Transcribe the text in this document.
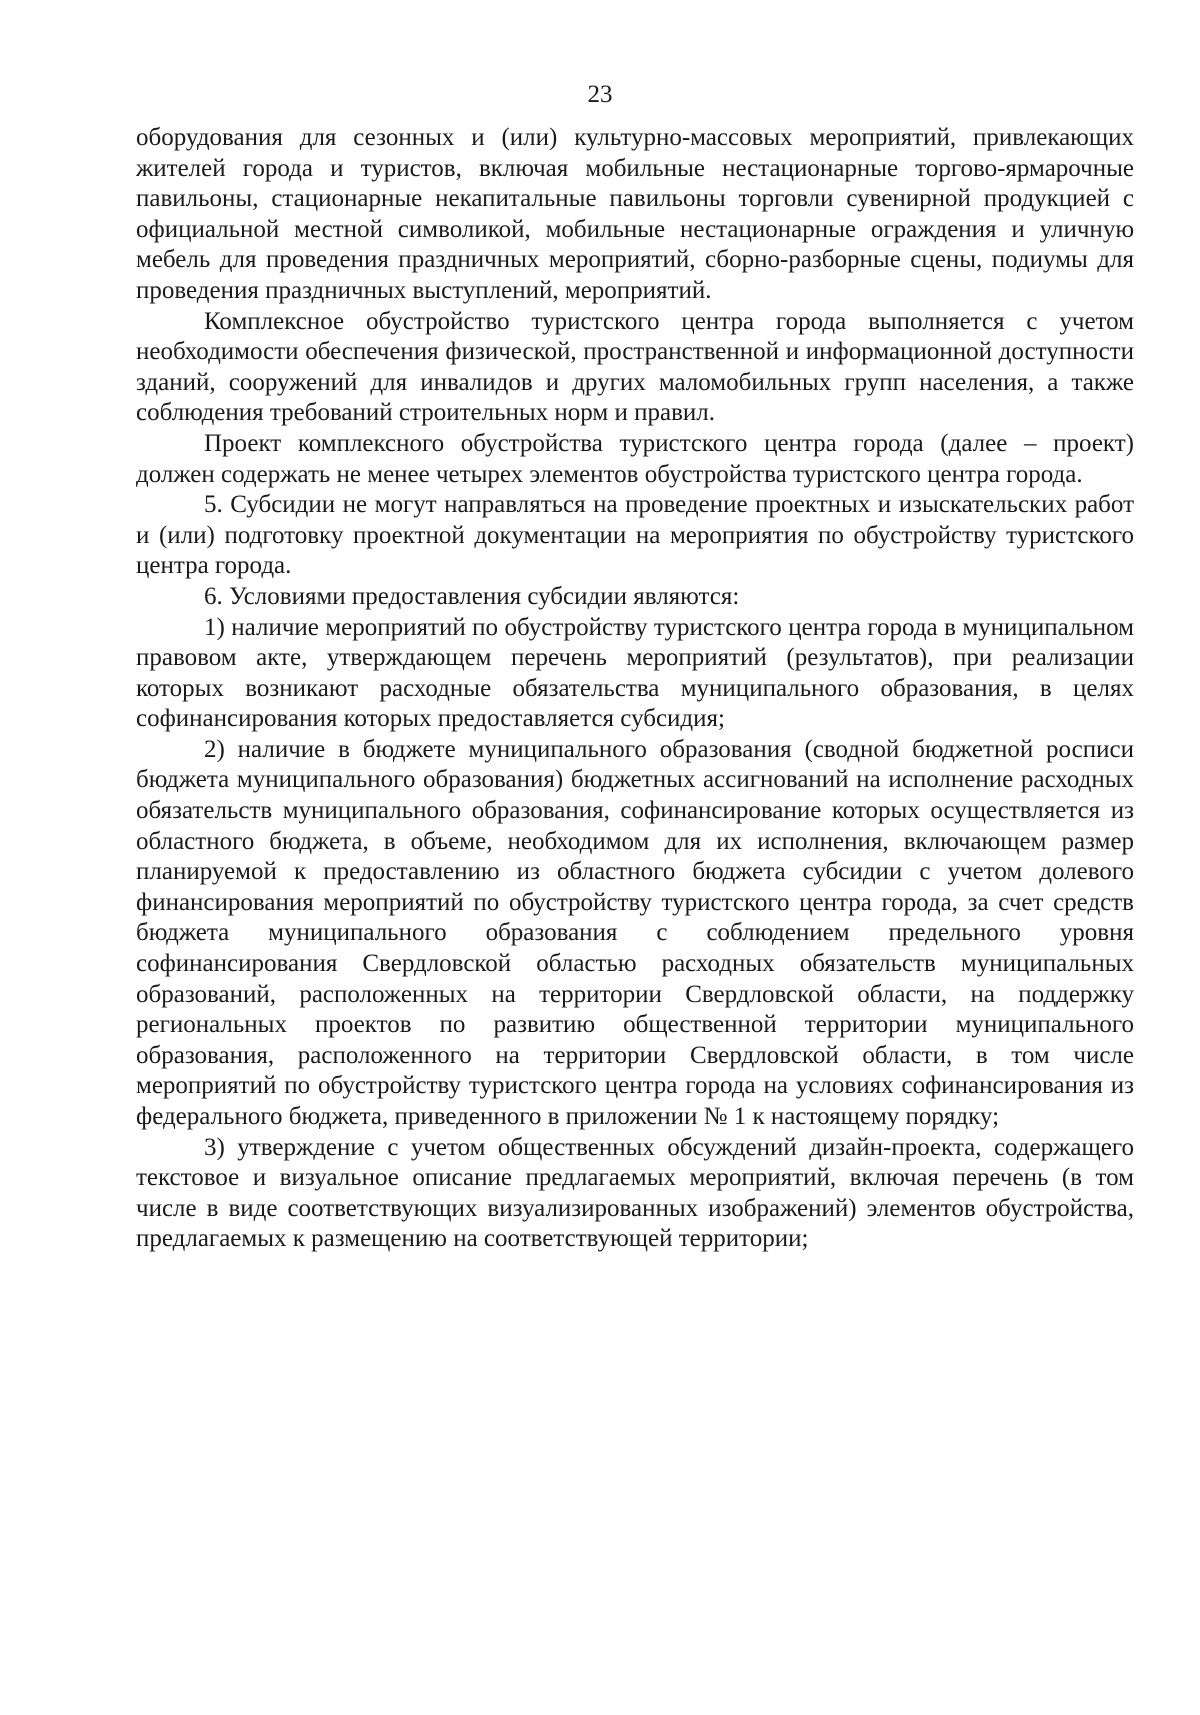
23

оборудования для сезонных и (или) культурно-массовых мероприятий, привлекающих жителей города и туристов, включая мобильные нестационарные торгово-ярмарочные павильоны, стационарные некапитальные павильоны торговли сувенирной продукцией с официальной местной символикой, мобильные нестационарные ограждения и уличную мебель для проведения праздничных мероприятий, сборно-разборные сцены, подиумы для проведения праздничных выступлений, мероприятий.

Комплексное обустройство туристского центра города выполняется с учетом необходимости обеспечения физической, пространственной и информационной доступности зданий, сооружений для инвалидов и других маломобильных групп населения, а также соблюдения требований строительных норм и правил.

Проект комплексного обустройства туристского центра города (далее – проект) должен содержать не менее четырех элементов обустройства туристского центра города.

5. Субсидии не могут направляться на проведение проектных и изыскательских работ и (или) подготовку проектной документации на мероприятия по обустройству туристского центра города.

6. Условиями предоставления субсидии являются:

1) наличие мероприятий по обустройству туристского центра города в муниципальном правовом акте, утверждающем перечень мероприятий (результатов), при реализации которых возникают расходные обязательства муниципального образования, в целях софинансирования которых предоставляется субсидия;

2) наличие в бюджете муниципального образования (сводной бюджетной росписи бюджета муниципального образования) бюджетных ассигнований на исполнение расходных обязательств муниципального образования, софинансирование которых осуществляется из областного бюджета, в объеме, необходимом для их исполнения, включающем размер планируемой к предоставлению из областного бюджета субсидии с учетом долевого финансирования мероприятий по обустройству туристского центра города, за счет средств бюджета муниципального образования с соблюдением предельного уровня софинансирования Свердловской областью расходных обязательств муниципальных образований, расположенных на территории Свердловской области, на поддержку региональных проектов по развитию общественной территории муниципального образования, расположенного на территории Свердловской области, в том числе мероприятий по обустройству туристского центра города на условиях софинансирования из федерального бюджета, приведенного в приложении № 1 к настоящему порядку;

3) утверждение с учетом общественных обсуждений дизайн-проекта, содержащего текстовое и визуальное описание предлагаемых мероприятий, включая перечень (в том числе в виде соответствующих визуализированных изображений) элементов обустройства, предлагаемых к размещению на соответствующей территории;
